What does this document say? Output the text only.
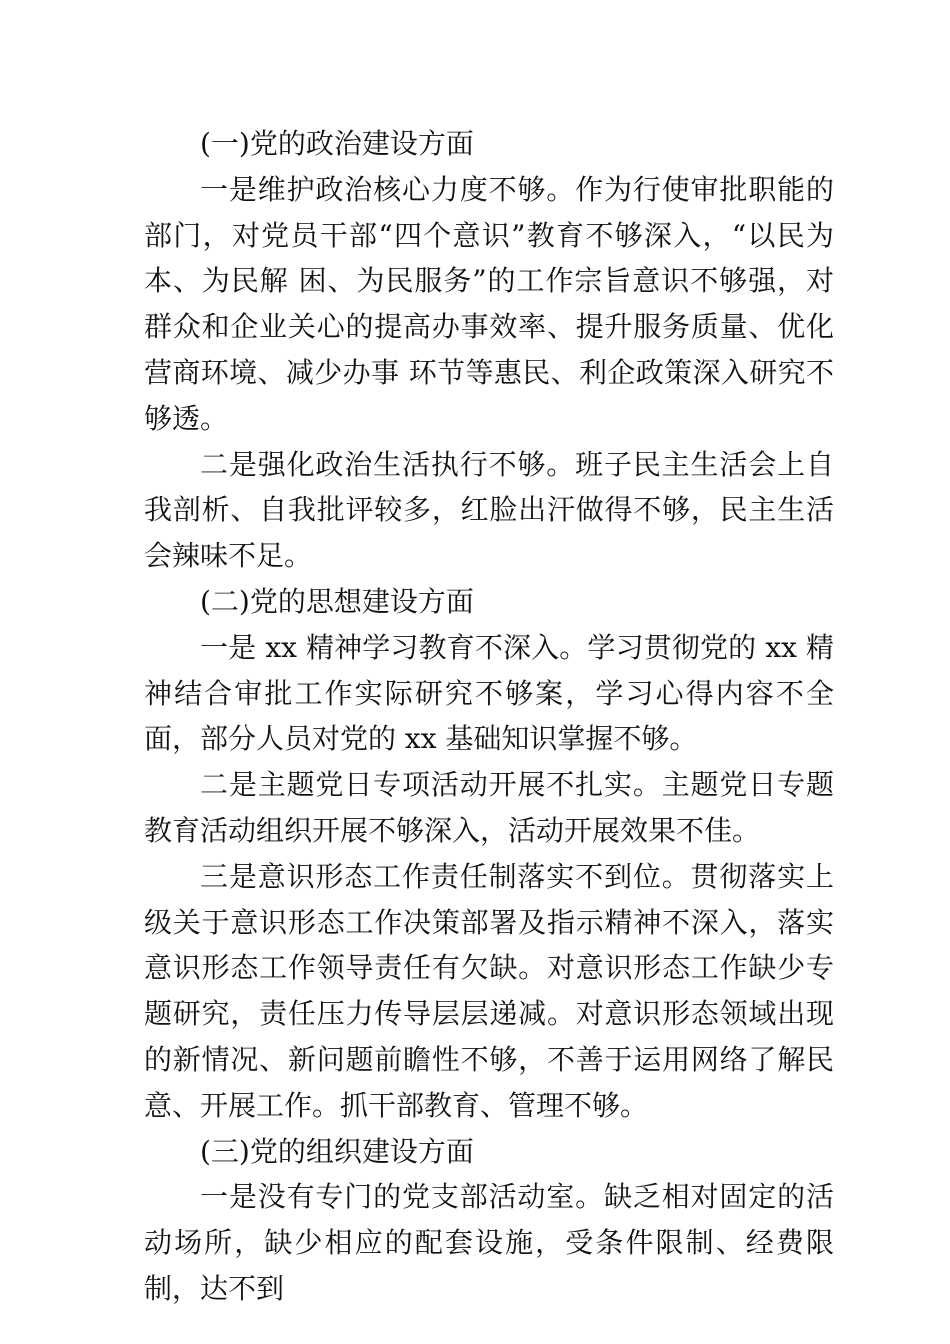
(一)党的政治建设方面

一是维护政治核心力度不够。作为行使审批职能的部门，对党员干部“四个意识”教育不够深入，“以民为本、为民解 困、为民服务”的工作宗旨意识不够强，对群众和企业关心的提高办事效率、提升服务质量、优化营商环境、减少办事 环节等惠民、利企政策深入研究不够透。

二是强化政治生活执行不够。班子民主生活会上自我剖析、自我批评较多，红脸出汗做得不够，民主生活会辣味不足。

(二)党的思想建设方面

一是 xx 精神学习教育不深入。学习贯彻党的 xx 精神结合审批工作实际研究不够案，学习心得内容不全面，部分人员对党的 xx 基础知识掌握不够。

二是主题党日专项活动开展不扎实。主题党日专题教育活动组织开展不够深入，活动开展效果不佳。

三是意识形态工作责任制落实不到位。贯彻落实上级关于意识形态工作决策部署及指示精神不深入，落实意识形态工作领导责任有欠缺。对意识形态工作缺少专题研究，责任压力传导层层递减。对意识形态领域出现的新情况、新问题前瞻性不够，不善于运用网络了解民意、开展工作。抓干部教育、管理不够。

(三)党的组织建设方面

一是没有专门的党支部活动室。缺乏相对固定的活动场所，缺少相应的配套设施，受条件限制、经费限制，达不到
